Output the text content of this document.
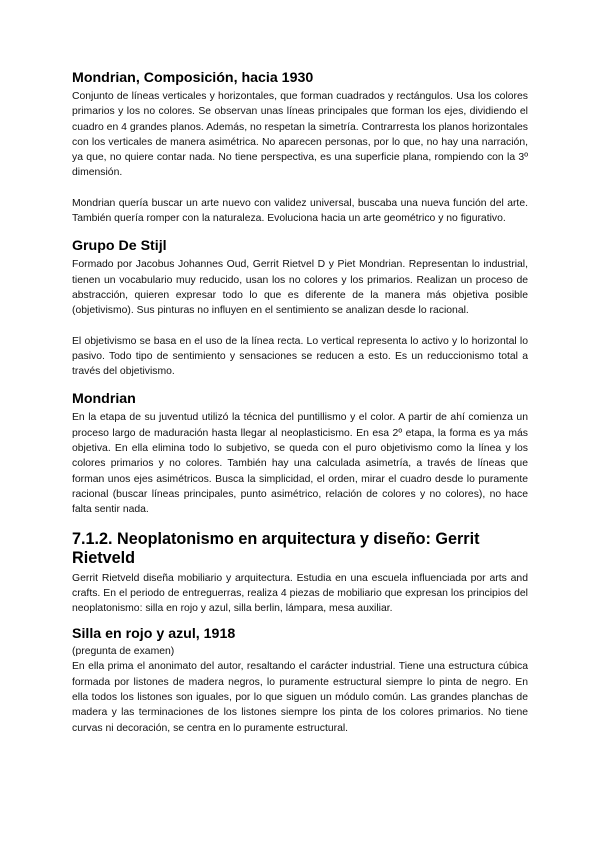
Mondrian, Composición, hacia 1930

Conjunto de líneas verticales y horizontales, que forman cuadrados y rectángulos. Usa los colores primarios y los no colores. Se observan unas líneas principales que forman los ejes, dividiendo el cuadro en 4 grandes planos. Además, no respetan la simetría. Contrarresta los planos horizontales con los verticales de manera asimétrica. No aparecen personas, por lo que, no hay una narración, ya que, no quiere contar nada. No tiene perspectiva, es una superficie plana, rompiendo con la 3º dimensión.

Mondrian quería buscar un arte nuevo con validez universal, buscaba una nueva función del arte. También quería romper con la naturaleza. Evoluciona hacia un arte geométrico y no figurativo.

Grupo De Stijl

Formado por Jacobus Johannes Oud, Gerrit Rietvel D y Piet Mondrian. Representan lo industrial, tienen un vocabulario muy reducido, usan los no colores y los primarios. Realizan un proceso de abstracción, quieren expresar todo lo que es diferente de la manera más objetiva posible (objetivismo). Sus pinturas no influyen en el sentimiento se analizan desde lo racional.

El objetivismo se basa en el uso de la línea recta. Lo vertical representa lo activo y lo horizontal lo pasivo. Todo tipo de sentimiento y sensaciones se reducen a esto. Es un reduccionismo total a través del objetivismo.

Mondrian

En la etapa de su juventud utilizó la técnica del puntillismo y el color. A partir de ahí comienza un proceso largo de maduración hasta llegar al neoplasticismo. En esa 2º etapa, la forma es ya más objetiva. En ella elimina todo lo subjetivo, se queda con el puro objetivismo como la línea y los colores primarios y no colores. También hay una calculada asimetría, a través de líneas que forman unos ejes asimétricos. Busca la simplicidad, el orden, mirar el cuadro desde lo puramente racional (buscar líneas principales, punto asimétrico, relación de colores y no colores), no hace falta sentir nada.

7.1.2. Neoplatonismo en arquitectura y diseño: Gerrit Rietveld

Gerrit Rietveld diseña mobiliario y arquitectura. Estudia en una escuela influenciada por arts and crafts. En el periodo de entreguerras, realiza 4 piezas de mobiliario que expresan los principios del neoplatonismo: silla en rojo y azul, silla berlin, lámpara, mesa auxiliar.

Silla en rojo y azul, 1918

(pregunta de examen)

En ella prima el anonimato del autor, resaltando el carácter industrial. Tiene una estructura cúbica formada por listones de madera negros, lo puramente estructural siempre lo pinta de negro. En ella todos los listones son iguales, por lo que siguen un módulo común. Las grandes planchas de madera y las terminaciones de los listones siempre los pinta de los colores primarios. No tiene curvas ni decoración, se centra en lo puramente estructural.
